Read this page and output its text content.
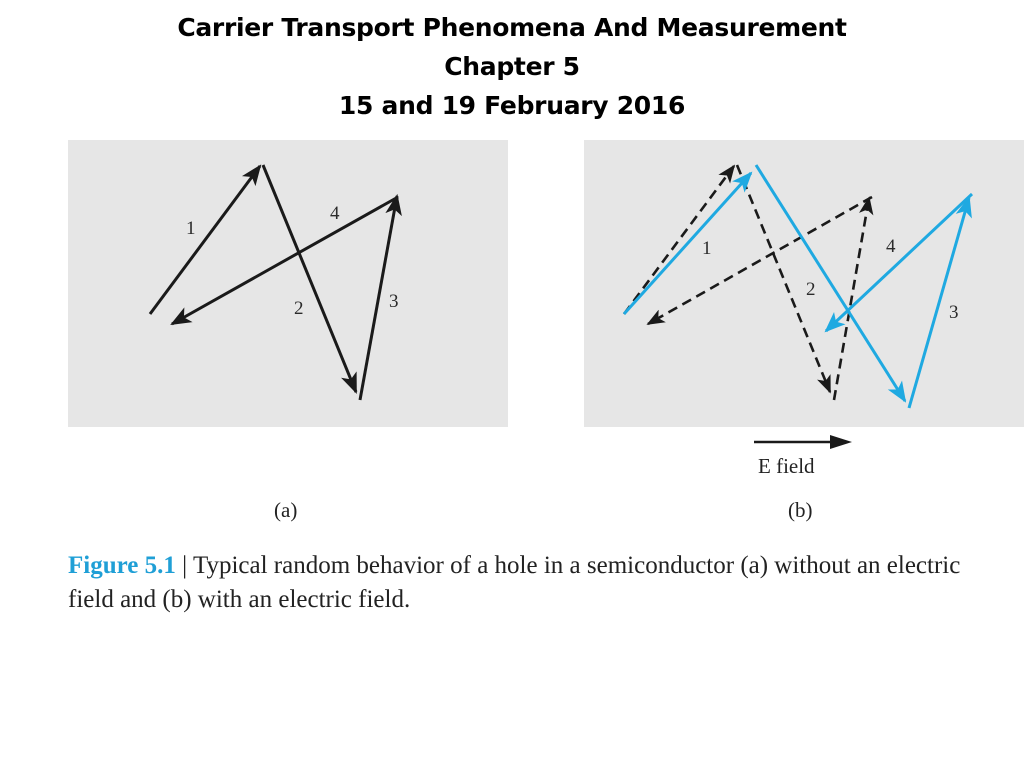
Carrier Transport Phenomena And Measurement
Chapter 5
15 and 19 February 2016
1
2	3
4
1
2
3
4
E field
(a)	(b)
Figure 5.1 | Typical random behavior of a hole in a semiconductor (a) without an electric field and (b) with an electric field.
